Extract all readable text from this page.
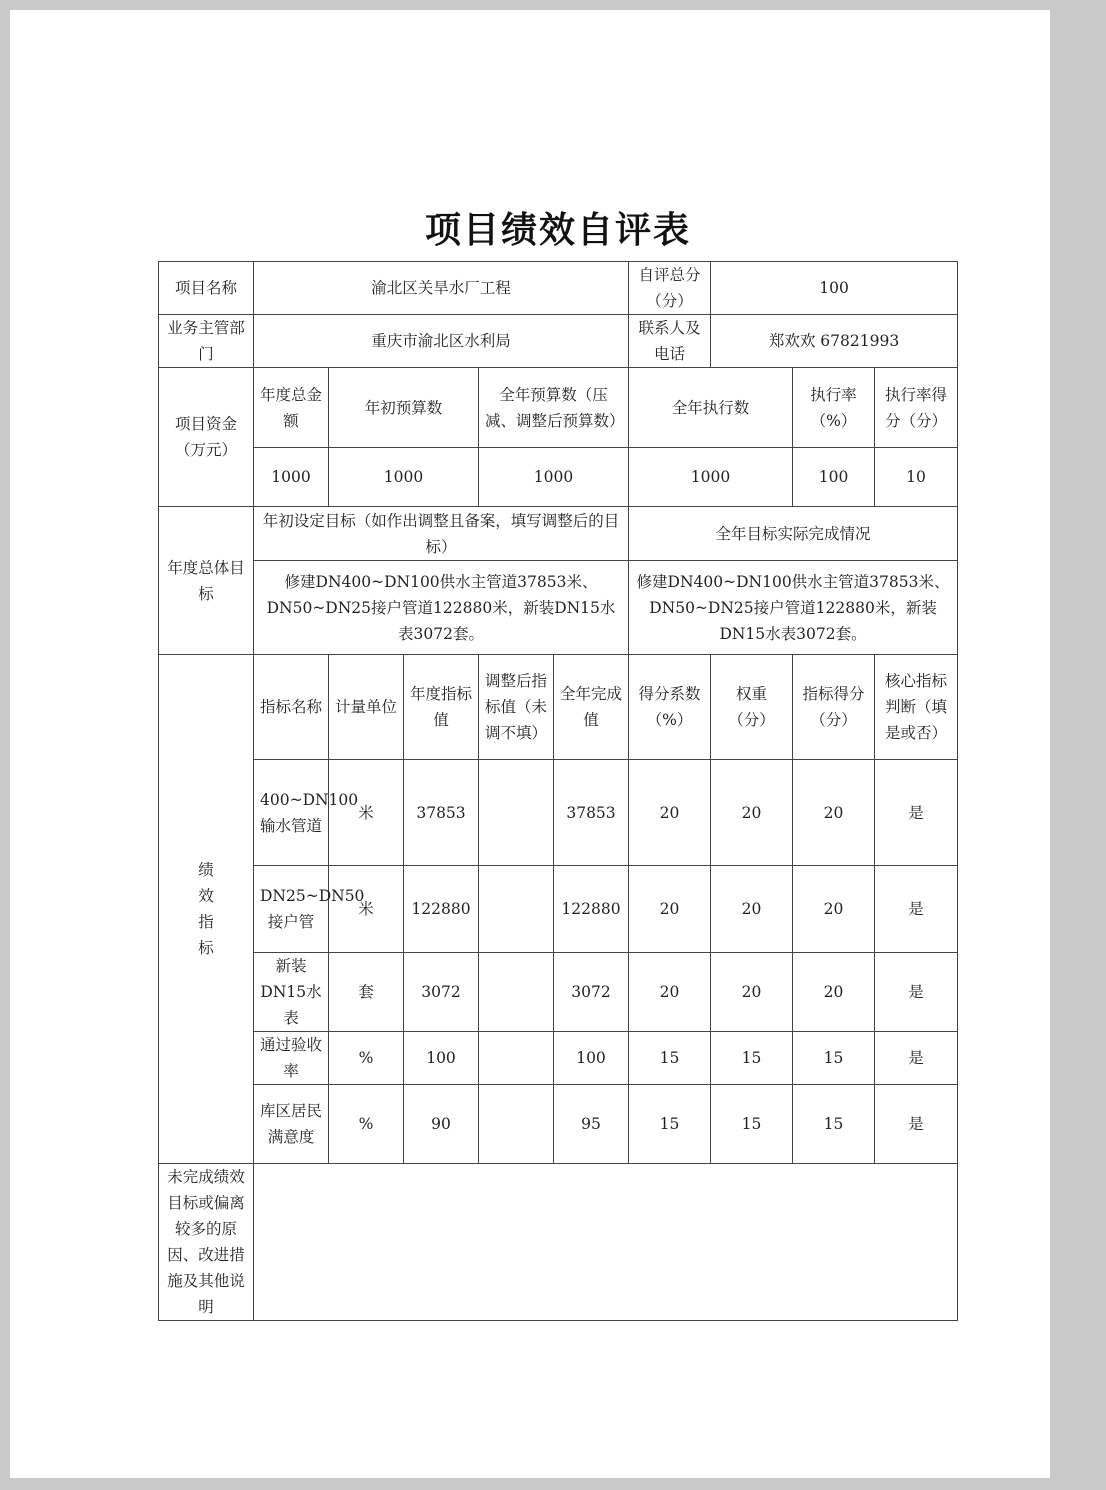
项目绩效自评表
项目名称	渝北区关旱水厂工程					自评总分（分）	100		
业务主管部门	重庆市渝北区水利局					联系人及电话	郑欢欢 67821993		
项目资金（万元）	年度总金额	年初预算数		全年预算数（压减、调整后预算数）		全年执行数		执行率（%）	执行率得分（分）
	1000	1000		1000		1000		100	10
年度总体目标	年初设定目标（如作出调整且备案，填写调整后的目标）					全年目标实际完成情况			
	修建DN400~DN100供水主管道37853米、DN50~DN25接户管道122880米，新装DN15水表3072套。					修建DN400~DN100供水主管道37853米、DN50~DN25接户管道122880米，新装DN15水表3072套。			
绩效指标	指标名称	计量单位	年度指标值	调整后指标值（未调不填）	全年完成值	得分系数（%）	权重（分）	指标得分（分）	核心指标判断（填是或否）
	400~DN100输水管道	米	37853		37853	20	20	20	是
	DN25~DN50接户管	米	122880		122880	20	20	20	是
	新装DN15水表	套	3072		3072	20	20	20	是
	通过验收率	%	100		100	15	15	15	是
	库区居民满意度	%	90		95	15	15	15	是
未完成绩效目标或偏离较多的原因、改进措施及其他说明									
